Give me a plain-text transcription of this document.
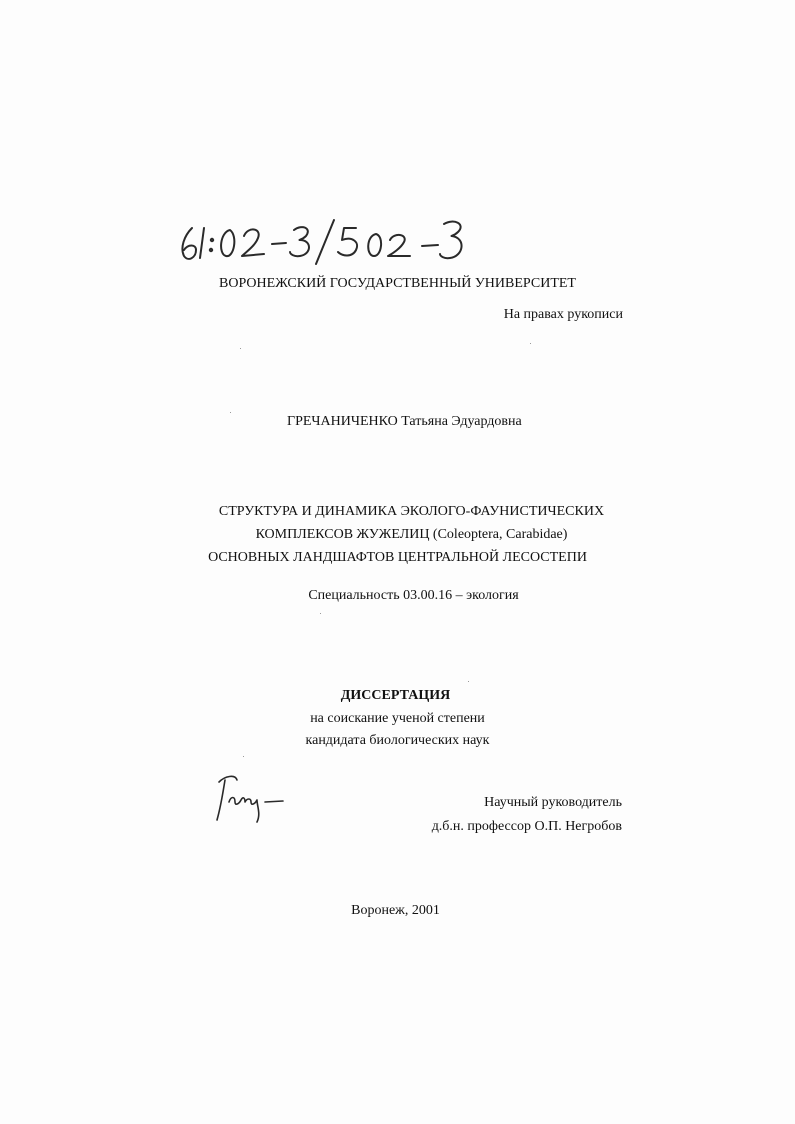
ВОРОНЕЖСКИЙ ГОСУДАРСТВЕННЫЙ УНИВЕРСИТЕТ
На правах рукописи
ГРЕЧАНИЧЕНКО Татьяна Эдуардовна
СТРУКТУРА И ДИНАМИКА ЭКОЛОГО-ФАУНИСТИЧЕСКИХ
КОМПЛЕКСОВ ЖУЖЕЛИЦ (Coleoptera, Carabidae)
ОСНОВНЫХ ЛАНДШАФТОВ ЦЕНТРАЛЬНОЙ ЛЕСОСТЕПИ
Специальность 03.00.16 – экология
ДИССЕРТАЦИЯ
на соискание ученой степени
кандидата биологических наук
Научный руководитель
д.б.н. профессор О.П. Негробов
Воронеж, 2001
